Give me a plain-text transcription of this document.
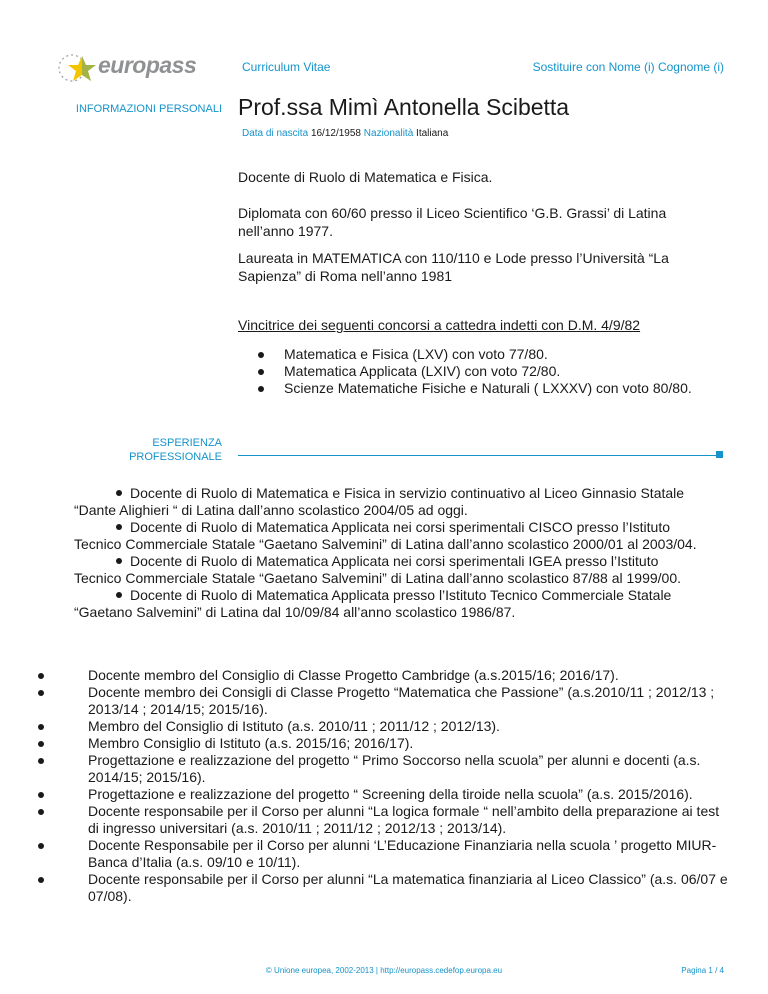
europass	Curriculum Vitae	Sostituire con Nome (i) Cognome (i)
INFORMAZIONI PERSONALI Prof.ssa Mimì Antonella Scibetta
Data di nascita 16/12/1958 Nazionalità Italiana
Docente di Ruolo di Matematica e Fisica.
Diplomata con 60/60 presso il Liceo Scientifico ‘G.B. Grassi’ di Latina nell’anno 1977.
Laureata in MATEMATICA con 110/110 e Lode presso l’Università “La Sapienza” di Roma nell’anno 1981
Vincitrice dei seguenti concorsi a cattedra indetti con D.M. 4/9/82
Matematica e Fisica (LXV) con voto 77/80.
Matematica Applicata (LXIV) con voto 72/80.
Scienze Matematiche Fisiche e Naturali ( LXXXV) con voto 80/80.
ESPERIENZA
PROFESSIONALE

Docente di Ruolo di Matematica e Fisica in servizio continuativo al Liceo Ginnasio Statale
“Dante Alighieri “ di Latina dall’anno scolastico 2004/05 ad oggi.

Docente di Ruolo di Matematica Applicata nei corsi sperimentali CISCO presso l’Istituto
Tecnico Commerciale Statale “Gaetano Salvemini” di Latina dall’anno scolastico 2000/01 al 2003/04.

Docente di Ruolo di Matematica Applicata nei corsi sperimentali IGEA presso l’Istituto
Tecnico Commerciale Statale “Gaetano Salvemini” di Latina dall’anno scolastico 87/88 al 1999/00.

Docente di Ruolo di Matematica Applicata presso l’Istituto Tecnico Commerciale Statale
“Gaetano Salvemini” di Latina dal 10/09/84 all’anno scolastico 1986/87.

Docente membro del Consiglio di Classe Progetto Cambridge (a.s.2015/16; 2016/17).
Docente membro dei Consigli di Classe Progetto “Matematica che Passione” (a.s.2010/11 ; 2012/13 ; 2013/14 ; 2014/15; 2015/16).
Membro del Consiglio di Istituto (a.s. 2010/11 ; 2011/12 ; 2012/13).
Membro Consiglio di Istituto (a.s. 2015/16; 2016/17).
Progettazione e realizzazione del progetto “ Primo Soccorso nella scuola” per alunni e docenti (a.s. 2014/15; 2015/16).
Progettazione e realizzazione del progetto “ Screening della tiroide nella scuola” (a.s. 2015/2016).
Docente responsabile per il Corso per alunni “La logica formale “ nell’ambito della preparazione ai test di ingresso universitari (a.s. 2010/11 ; 2011/12 ; 2012/13 ; 2013/14).
Docente Responsabile per il Corso per alunni ‘L’Educazione Finanziaria nella scuola ’ progetto MIUR-Banca d’Italia (a.s. 09/10 e 10/11).
Docente responsabile per il Corso per alunni “La matematica finanziaria al Liceo Classico” (a.s. 06/07 e 07/08).
© Unione europea, 2002-2013 | http://europass.cedefop.europa.eu	Pagina 1 / 4
